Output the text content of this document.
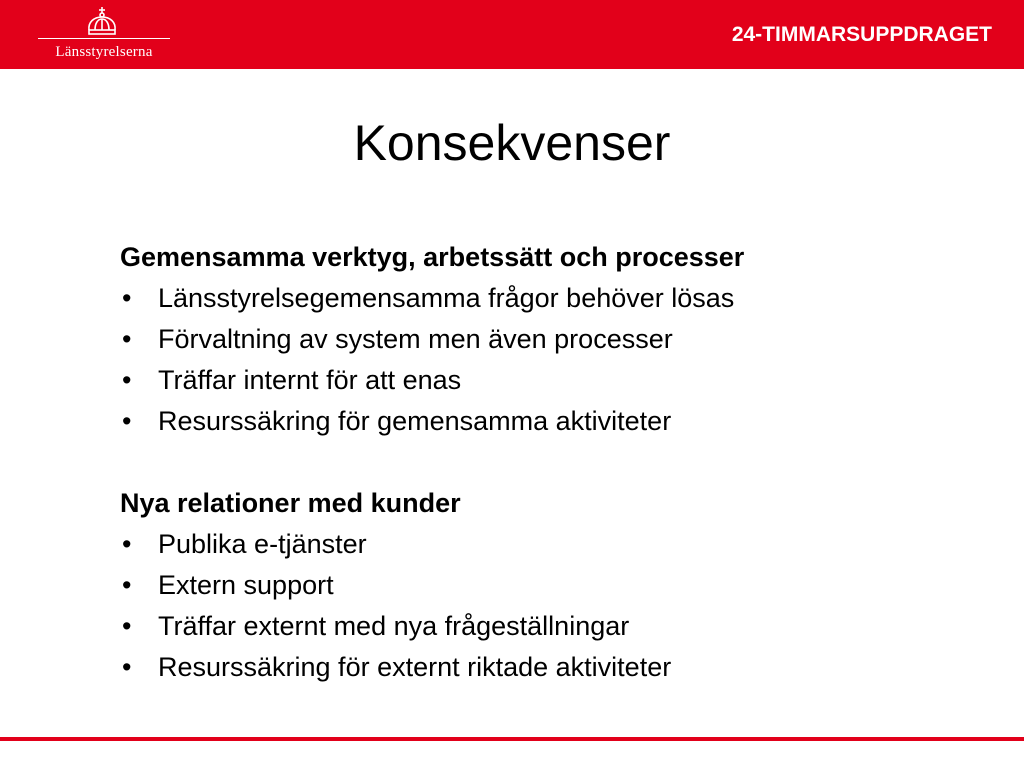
Länsstyrelserna
24-TIMMARSUPPDRAGET
Konsekvenser
Gemensamma verktyg, arbetssätt och processer
• Länsstyrelsegemensamma frågor behöver lösas
• Förvaltning av system men även processer
• Träffar internt för att enas
• Resurssäkring för gemensamma aktiviteter
Nya relationer med kunder
• Publika e-tjänster
• Extern support
• Träffar externt med nya frågeställningar
• Resurssäkring för externt riktade aktiviteter
